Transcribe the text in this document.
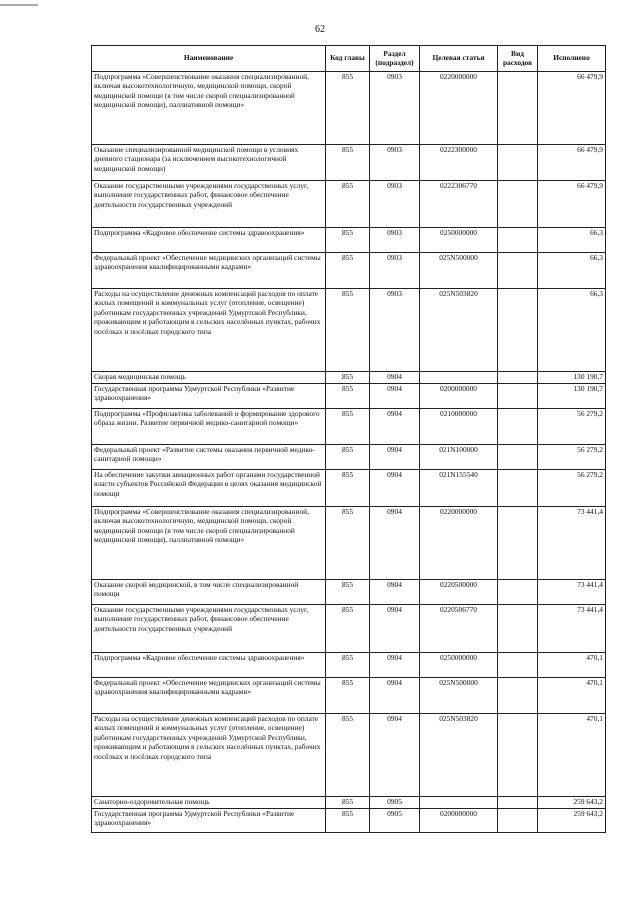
62
Наименование	Код главы	Раздел (подраздел)	Целевая статья	Вид расходов	Исполнено
Подпрограмма «Совершенствование оказания специализированной, включая высокотехнологичную, медицинской помощи, скорой медицинской помощи (в том числе скорой специализированной медицинской помощи), паллиативной помощи»	855	0903	0220000000		66 479,9
Оказание специализированной медицинской помощи в условиях дневного стационара (за исключением высокотехнологичной медицинской помощи)	855	0903	0222300000		66 479,9
Оказание государственными учреждениями государственных услуг, выполнение государственных работ, финансовое обеспечение деятельности государственных учреждений	855	0903	0222306770		66 479,9
Подпрограмма «Кадровое обеспечение системы здравоохранения»	855	0903	0250000000		66,3
Федеральный проект «Обеспечение медицинских организаций системы здравоохранения квалифицированными кадрами»	855	0903	025N500000		66,3
Расходы на осуществление денежных компенсаций расходов по оплате жилых помещений и коммунальных услуг (отопление, освещение) работникам государственных учреждений Удмуртской Республики, проживающим и работающим в сельских населённых пунктах, рабочих посёлках и посёлках городского типа	855	0903	025N503820		66,3
Скорая медицинская помощь	855	0904			130 190,7
Государственная программа Удмуртской Республики «Развитие здравоохранения»	855	0904	0200000000		130 190,7
Подпрограмма «Профилактика заболеваний и формирование здорового образа жизни. Развитие первичной медико-санитарной помощи»	855	0904	0210000000		56 279,2
Федеральный проект «Развитие системы оказания первичной медико-санитарной помощи»	855	0904	021N100000		56 279,2
На обеспечение закупки авиационных работ органами государственной власти субъектов Российской Федерации в целях оказания медицинской помощи	855	0904	021N155540		56 279,2
Подпрограмма «Совершенствование оказания специализированной, включая высокотехнологичную, медицинской помощи, скорой медицинской помощи (в том числе скорой специализированной медицинской помощи), паллиативной помощи»	855	0904	0220000000		73 441,4
Оказание скорой медицинской, в том числе специализированной помощи	855	0904	0220500000		73 441,4
Оказание государственными учреждениями государственных услуг, выполнение государственных работ, финансовое обеспечение деятельности государственных учреждений	855	0904	0220506770		73 441,4
Подпрограмма «Кадровое обеспечение системы здравоохранения»	855	0904	0250000000		470,1
Федеральный проект «Обеспечение медицинских организаций системы здравоохранения квалифицированными кадрами»	855	0904	025N500000		470,1
Расходы на осуществление денежных компенсаций расходов по оплате жилых помещений и коммунальных услуг (отопление, освещение) работникам государственных учреждений Удмуртской Республики, проживающим и работающим в сельских населённых пунктах, рабочих посёлках и посёлках городского типа	855	0904	025N503820		470,1
Санаторно-оздоровительная помощь	855	0905			259 643,2
Государственная программа Удмуртской Республики «Развитие здравоохранения»	855	0905	0200000000		259 643,2
